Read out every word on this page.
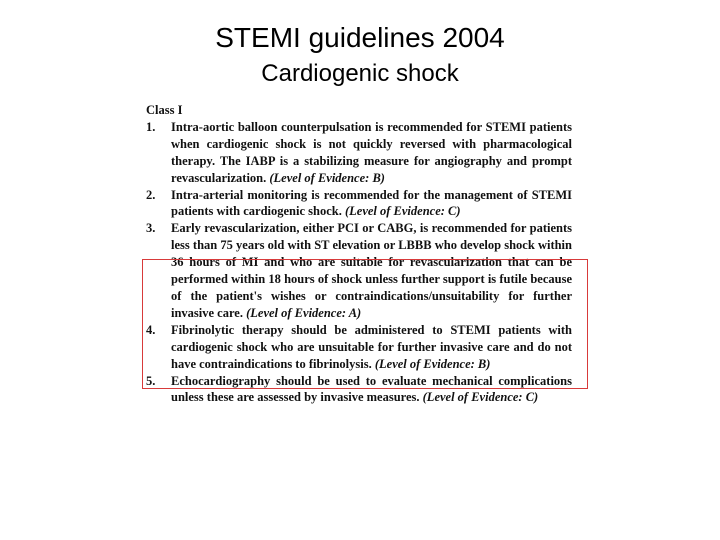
STEMI guidelines 2004
Cardiogenic shock
Class I
1.	Intra-aortic balloon counterpulsation is recommended for STEMI patients when cardiogenic shock is not quickly reversed with pharmacological therapy. The IABP is a stabilizing measure for angiography and prompt revascularization. (Level of Evidence: B)
2.	Intra-arterial monitoring is recommended for the management of STEMI patients with cardiogenic shock. (Level of Evidence: C)
3.	Early revascularization, either PCI or CABG, is recommended for patients less than 75 years old with ST elevation or LBBB who develop shock within 36 hours of MI and who are suitable for revascularization that can be performed within 18 hours of shock unless further support is futile because of the patient's wishes or contraindications/unsuitability for further invasive care. (Level of Evidence: A)
4.	Fibrinolytic therapy should be administered to STEMI patients with cardiogenic shock who are unsuitable for further invasive care and do not have contraindications to fibrinolysis. (Level of Evidence: B)
5.	Echocardiography should be used to evaluate mechanical complications unless these are assessed by invasive measures. (Level of Evidence: C)
